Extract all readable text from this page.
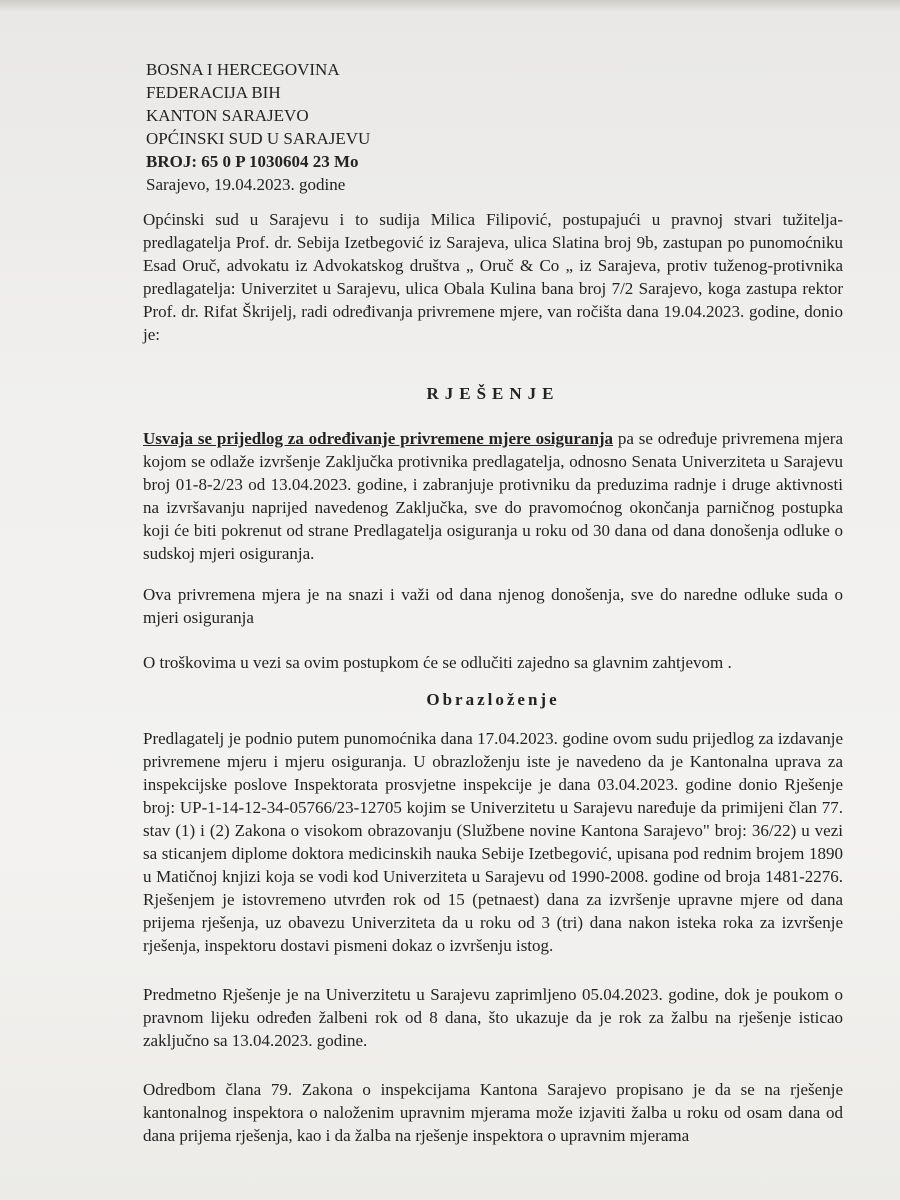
BOSNA I HERCEGOVINA
FEDERACIJA BIH
KANTON SARAJEVO
OPĆINSKI SUD U SARAJEVU
BROJ: 65 0 P 1030604 23 Mo
Sarajevo, 19.04.2023. godine

Općinski sud u Sarajevu i to sudija Milica Filipović, postupajući u pravnoj stvari tužitelja-predlagatelja Prof. dr. Sebija Izetbegović iz Sarajeva, ulica Slatina broj 9b, zastupan po punomoćniku Esad Oruč, advokatu iz Advokatskog društva „ Oruč & Co „ iz Sarajeva, protiv tuženog-protivnika predlagatelja: Univerzitet u Sarajevu, ulica Obala Kulina bana broj 7/2 Sarajevo, koga zastupa rektor Prof. dr. Rifat Škrijelj, radi određivanja privremene mjere, van ročišta dana 19.04.2023. godine, donio je:

RJEŠENJE

Usvaja se prijedlog za određivanje privremene mjere osiguranja pa se određuje privremena mjera kojom se odlaže izvršenje Zaključka protivnika predlagatelja, odnosno Senata Univerziteta u Sarajevu broj 01-8-2/23 od 13.04.2023. godine, i zabranjuje protivniku da preduzima radnje i druge aktivnosti na izvršavanju naprijed navedenog Zaključka, sve do pravomoćnog okončanja parničnog postupka koji će biti pokrenut od strane Predlagatelja osiguranja u roku od 30 dana od dana donošenja odluke o sudskoj mjeri osiguranja.

Ova privremena mjera je na snazi i važi od dana njenog donošenja, sve do naredne odluke suda o mjeri osiguranja

O troškovima u vezi sa ovim postupkom će se odlučiti zajedno sa glavnim zahtjevom .

Obrazloženje

Predlagatelj je podnio putem punomoćnika dana 17.04.2023. godine ovom sudu prijedlog za izdavanje privremene mjeru i mjeru osiguranja. U obrazloženju iste je navedeno da je Kantonalna uprava za inspekcijske poslove Inspektorata prosvjetne inspekcije je dana 03.04.2023. godine donio Rješenje broj: UP-1-14-12-34-05766/23-12705 kojim se Univerzitetu u Sarajevu naređuje da primijeni član 77. stav (1) i (2) Zakona o visokom obrazovanju (Službene novine Kantona Sarajevo" broj: 36/22) u vezi sa sticanjem diplome doktora medicinskih nauka Sebije Izetbegović, upisana pod rednim brojem 1890 u Matičnoj knjizi koja se vodi kod Univerziteta u Sarajevu od 1990-2008. godine od broja 1481-2276. Rješenjem je istovremeno utvrđen rok od 15 (petnaest) dana za izvršenje upravne mjere od dana prijema rješenja, uz obavezu Univerziteta da u roku od 3 (tri) dana nakon isteka roka za izvršenje rješenja, inspektoru dostavi pismeni dokaz o izvršenju istog.

Predmetno Rješenje je na Univerzitetu u Sarajevu zaprimljeno 05.04.2023. godine, dok je poukom o pravnom lijeku određen žalbeni rok od 8 dana, što ukazuje da je rok za žalbu na rješenje isticao zaključno sa 13.04.2023. godine.

Odredbom člana 79. Zakona o inspekcijama Kantona Sarajevo propisano je da se na rješenje kantonalnog inspektora o naloženim upravnim mjerama može izjaviti žalba u roku od osam dana od dana prijema rješenja, kao i da žalba na rješenje inspektora o upravnim mjerama
